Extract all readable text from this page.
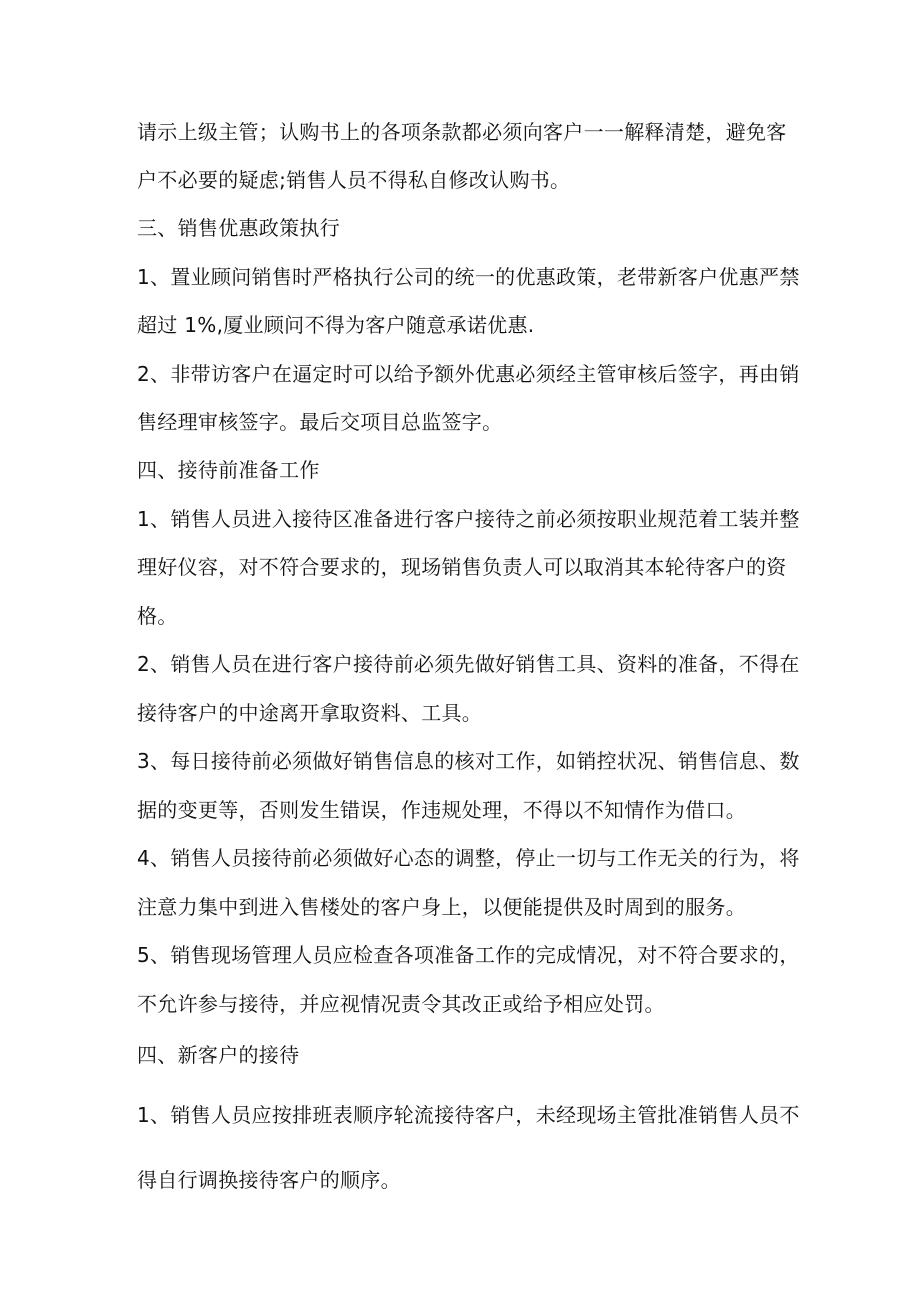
请示上级主管；认购书上的各项条款都必须向客户一一解释清楚，避免客
户不必要的疑虑;销售人员不得私自修改认购书。
三、销售优惠政策执行
1、置业顾问销售时严格执行公司的统一的优惠政策，老带新客户优惠严禁
超过 1%,厦业顾问不得为客户随意承诺优惠.
2、非带访客户在逼定时可以给予额外优惠必须经主管审核后签字，再由销
售经理审核签字。最后交项目总监签字。
四、接待前准备工作
1、销售人员进入接待区准备进行客户接待之前必须按职业规范着工装并整
理好仪容，对不符合要求的，现场销售负责人可以取消其本轮待客户的资
格。
2、销售人员在进行客户接待前必须先做好销售工具、资料的准备，不得在
接待客户的中途离开拿取资料、工具。
3、每日接待前必须做好销售信息的核对工作，如销控状况、销售信息、数
据的变更等，否则发生错误，作违规处理，不得以不知情作为借口。
4、销售人员接待前必须做好心态的调整，停止一切与工作无关的行为，将
注意力集中到进入售楼处的客户身上，以便能提供及时周到的服务。
5、销售现场管理人员应检查各项准备工作的完成情况，对不符合要求的，
不允许参与接待，并应视情况责令其改正或给予相应处罚。
四、新客户的接待
1、销售人员应按排班表顺序轮流接待客户，未经现场主管批准销售人员不
得自行调换接待客户的顺序。
